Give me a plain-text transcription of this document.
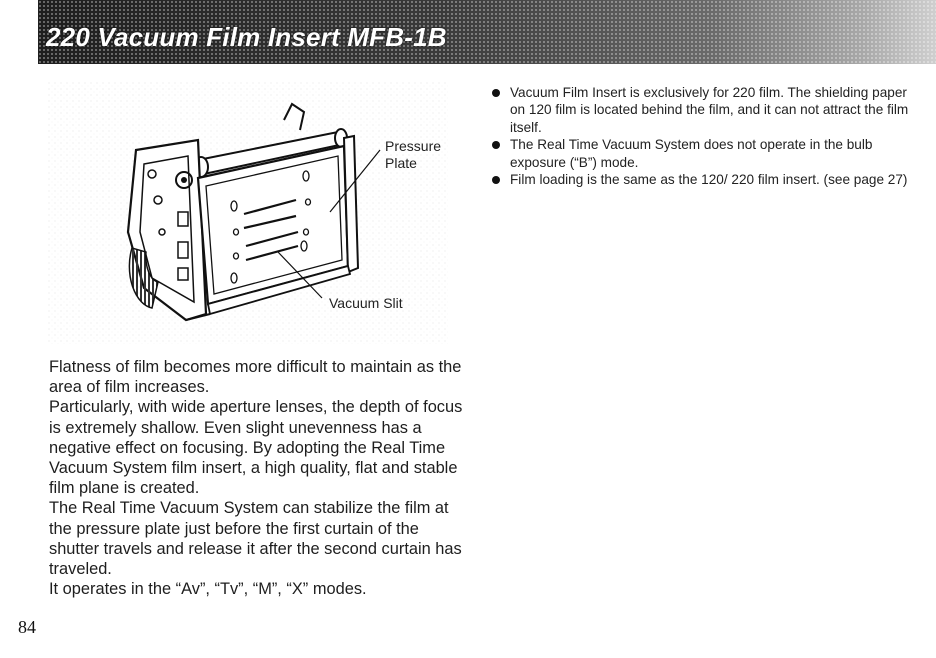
220 Vacuum Film Insert MFB-1B
Pressure
Plate
Vacuum Slit

Flatness of film becomes more difficult to maintain as the area of film increases.

Particularly, with wide aperture lenses, the depth of focus is extremely shallow. Even slight unevenness has a negative effect on focusing. By adopting the Real Time Vacuum System film insert, a high quality, flat and stable film plane is created.

The Real Time Vacuum System can stabilize the film at the pressure plate just before the first curtain of the shutter travels and release it after the second curtain has traveled.

It operates in the “Av”, “Tv”, “M”, “X” modes.

Vacuum Film Insert is exclusively for 220 film. The shielding paper on 120 film is located behind the film, and it can not attract the film itself.
The Real Time Vacuum System does not operate in the bulb exposure (“B”) mode.
Film loading is the same as the 120/ 220 film insert. (see page 27)
84
